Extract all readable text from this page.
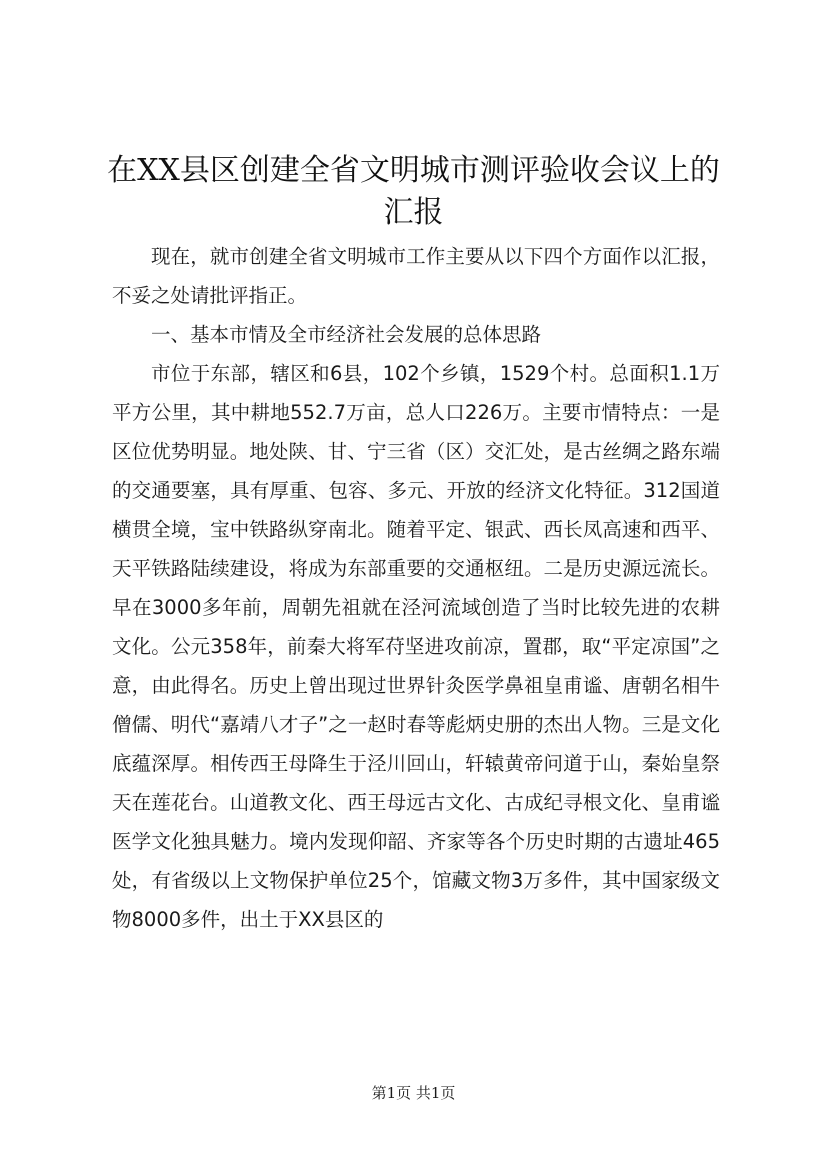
在XX县区创建全省文明城市测评验收会议上的汇报

现在，就市创建全省文明城市工作主要从以下四个方面作以汇报，不妥之处请批评指正。

一、基本市情及全市经济社会发展的总体思路

市位于东部，辖区和6县，102个乡镇，1529个村。总面积1.1万平方公里，其中耕地552.7万亩，总人口226万。主要市情特点：一是区位优势明显。地处陕、甘、宁三省（区）交汇处，是古丝绸之路东端的交通要塞，具有厚重、包容、多元、开放的经济文化特征。312国道横贯全境，宝中铁路纵穿南北。随着平定、银武、西长凤高速和西平、天平铁路陆续建设，将成为东部重要的交通枢纽。二是历史源远流长。早在3000多年前，周朝先祖就在泾河流域创造了当时比较先进的农耕文化。公元358年，前秦大将军苻坚进攻前凉，置郡，取“平定凉国”之意，由此得名。历史上曾出现过世界针灸医学鼻祖皇甫谧、唐朝名相牛僧儒、明代“嘉靖八才子”之一赵时春等彪炳史册的杰出人物。三是文化底蕴深厚。相传西王母降生于泾川回山，轩辕黄帝问道于山，秦始皇祭天在莲花台。山道教文化、西王母远古文化、古成纪寻根文化、皇甫谧医学文化独具魅力。境内发现仰韶、齐家等各个历史时期的古遗址465处，有省级以上文物保护单位25个，馆藏文物3万多件，其中国家级文物8000多件，出土于XX县区的

第1页 共1页
